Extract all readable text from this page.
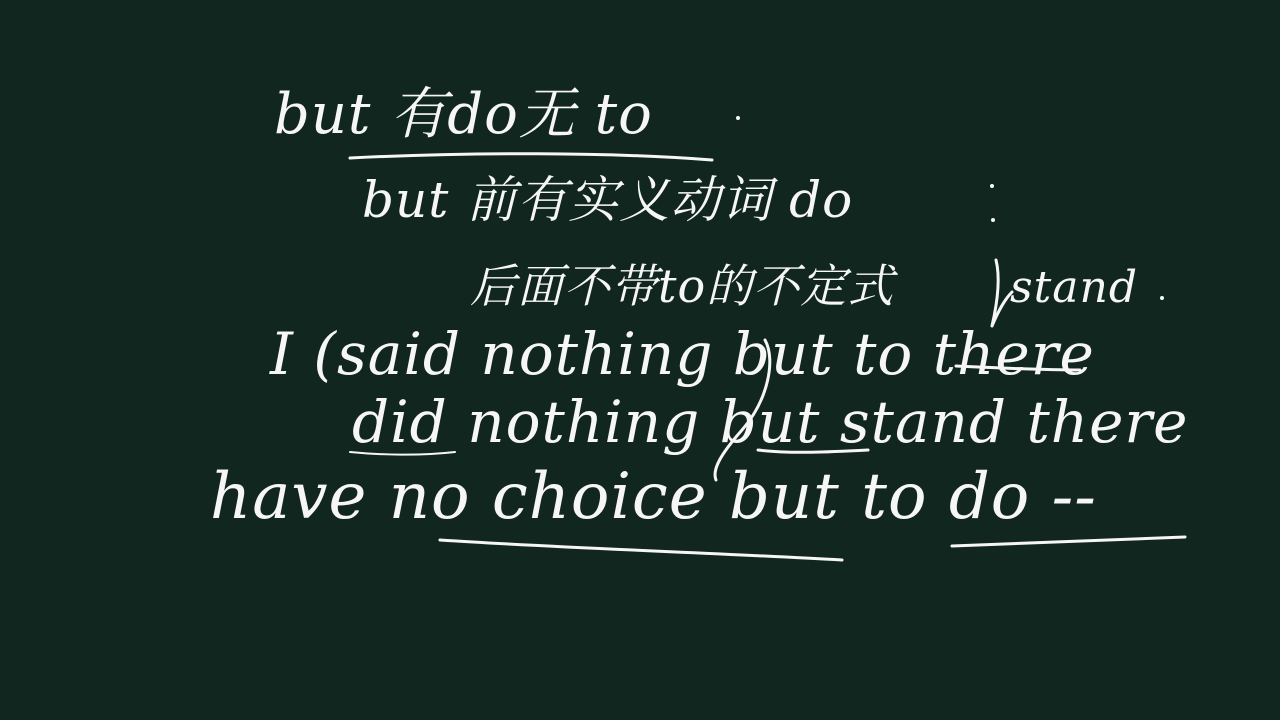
but 有do无 to
but 前有实义动词 do
后面不带to的不定式
I (said nothing but to there
did nothing but stand there
have no choice but to do --
stand
